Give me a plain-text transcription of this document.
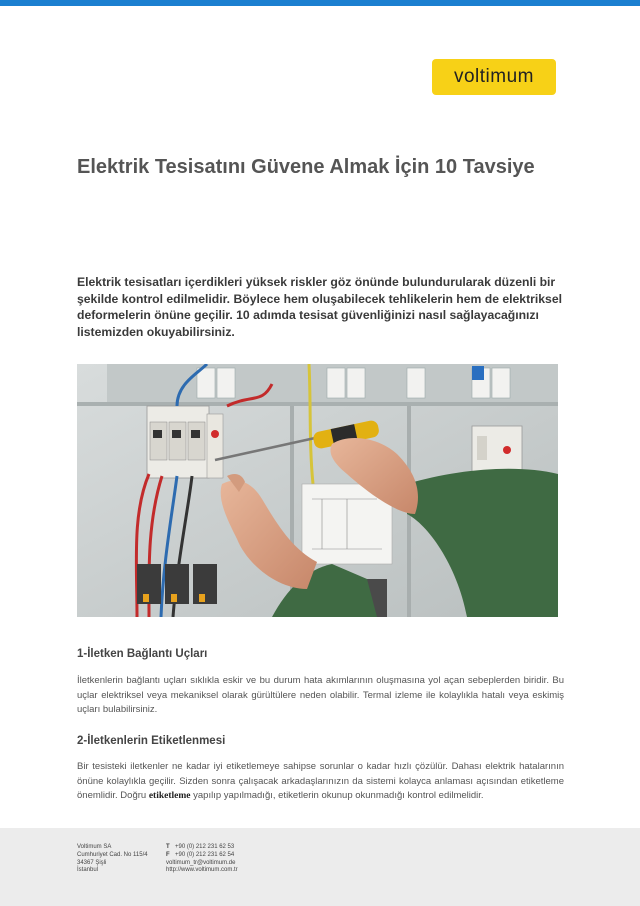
voltimum
Elektrik Tesisatını Güvene Almak İçin 10 Tavsiye

Elektrik tesisatları içerdikleri yüksek riskler göz önünde bulundurularak düzenli bir şekilde kontrol edilmelidir. Böylece hem oluşabilecek tehlikelerin hem de elektriksel deformelerin önüne geçilir. 10 adımda tesisat güvenliğinizi nasıl sağlayacağınızı listemizden okuyabilirsiniz.

1-İletken Bağlantı Uçları

İletkenlerin bağlantı uçları sıklıkla eskir ve bu durum hata akımlarının oluşmasına yol açan sebeplerden biridir. Bu uçlar elektriksel veya mekaniksel olarak gürültülere neden olabilir. Termal izleme ile kolaylıkla hatalı veya eskimiş uçları bulabilirsiniz.

2-İletkenlerin Etiketlenmesi

Bir tesisteki iletkenler ne kadar iyi etiketlemeye sahipse sorunlar o kadar hızlı çözülür. Dahası elektrik hatalarının önüne kolaylıkla geçilir. Sizden sonra çalışacak arkadaşlarınızın da sistemi kolayca anlaması açısından etiketleme önemlidir. Doğru etiketleme yapılıp yapılmadığı, etiketlerin okunup okunmadığı kontrol edilmelidir.

Voltimum SA
Cumhuriyet Cad. No 115/4
34367 Şişli
İstanbul
T +90 (0) 212 231 62 53
F +90 (0) 212 231 62 54
voltimum_tr@voltimum.de
http://www.voltimum.com.tr
